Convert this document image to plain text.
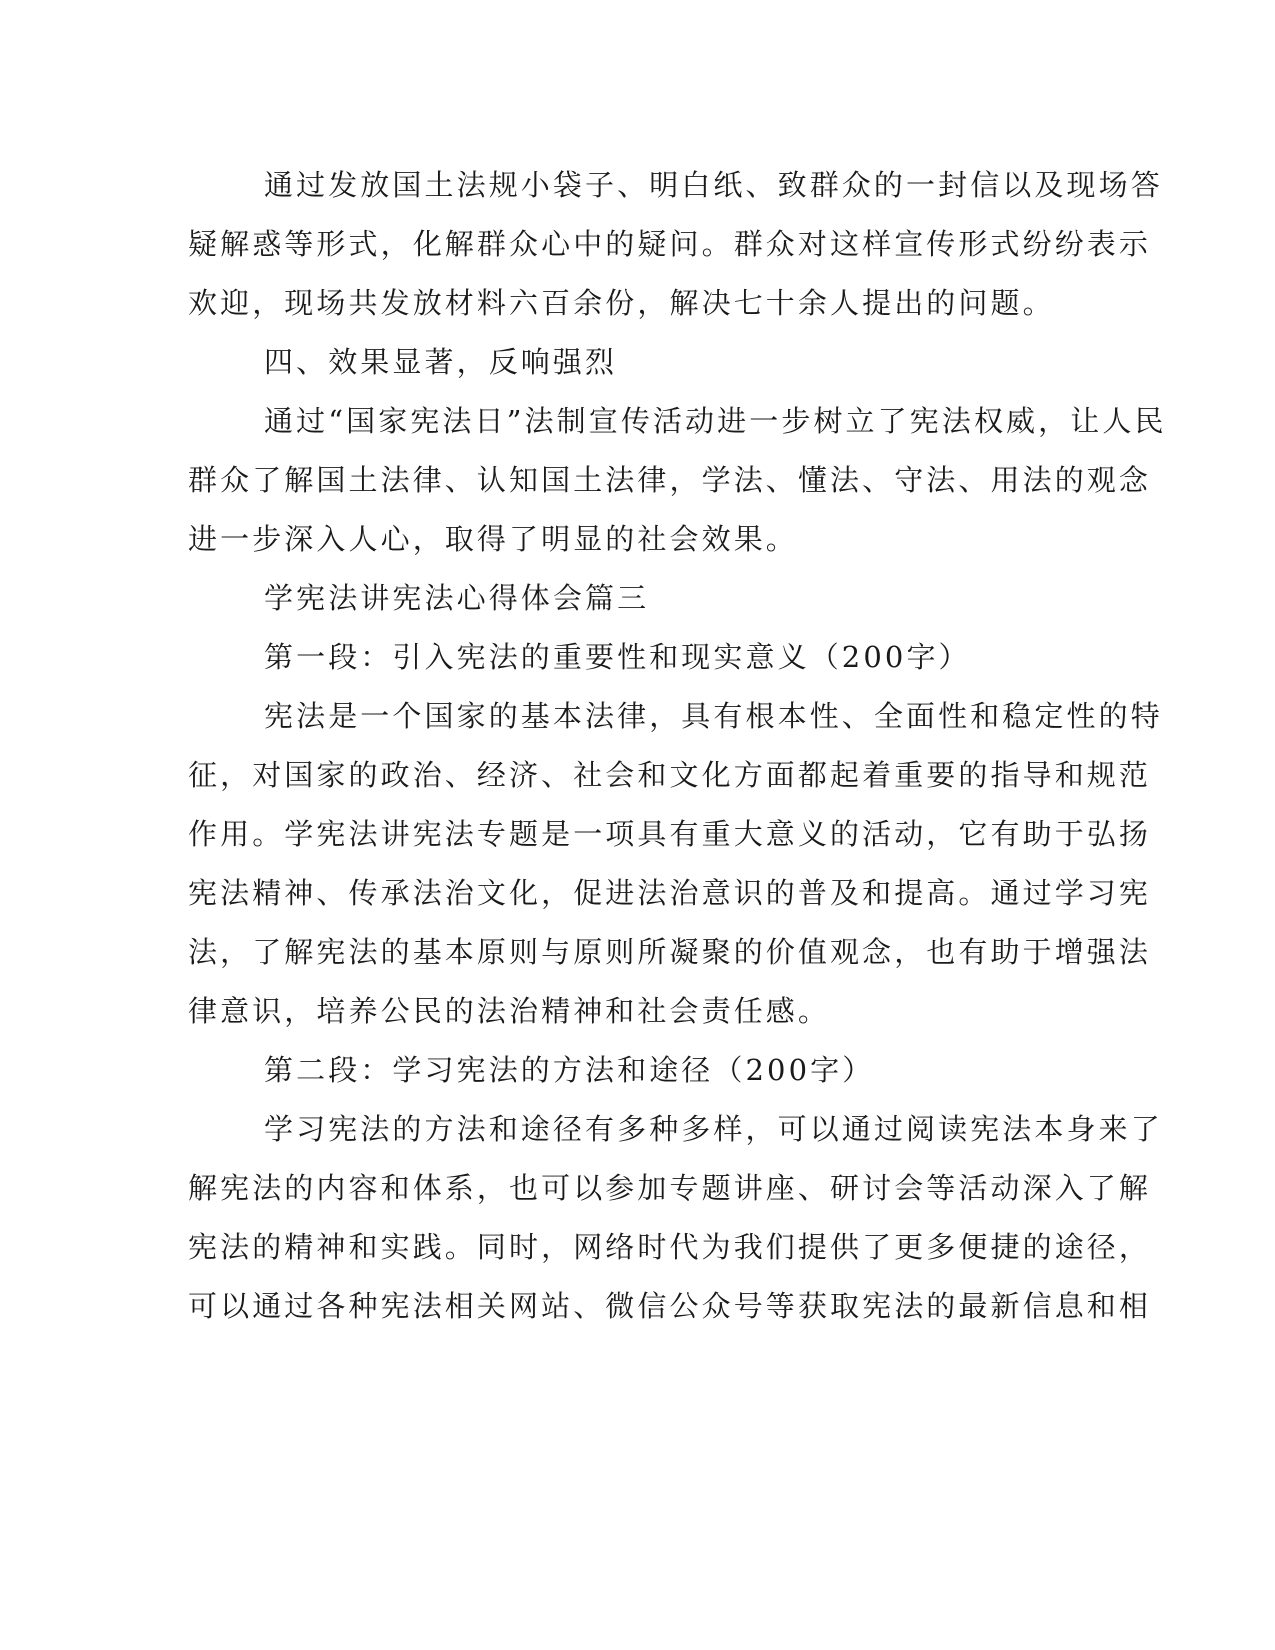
通过发放国土法规小袋子、明白纸、致群众的一封信以及现场答
疑解惑等形式，化解群众心中的疑问。群众对这样宣传形式纷纷表示
欢迎，现场共发放材料六百余份，解决七十余人提出的问题。
四、效果显著，反响强烈
通过“国家宪法日”法制宣传活动进一步树立了宪法权威，让人民
群众了解国土法律、认知国土法律，学法、懂法、守法、用法的观念
进一步深入人心，取得了明显的社会效果。
学宪法讲宪法心得体会篇三
第一段：引入宪法的重要性和现实意义（200字）
宪法是一个国家的基本法律，具有根本性、全面性和稳定性的特
征，对国家的政治、经济、社会和文化方面都起着重要的指导和规范
作用。学宪法讲宪法专题是一项具有重大意义的活动，它有助于弘扬
宪法精神、传承法治文化，促进法治意识的普及和提高。通过学习宪
法，了解宪法的基本原则与原则所凝聚的价值观念，也有助于增强法
律意识，培养公民的法治精神和社会责任感。
第二段：学习宪法的方法和途径（200字）
学习宪法的方法和途径有多种多样，可以通过阅读宪法本身来了
解宪法的内容和体系，也可以参加专题讲座、研讨会等活动深入了解
宪法的精神和实践。同时，网络时代为我们提供了更多便捷的途径，
可以通过各种宪法相关网站、微信公众号等获取宪法的最新信息和相
